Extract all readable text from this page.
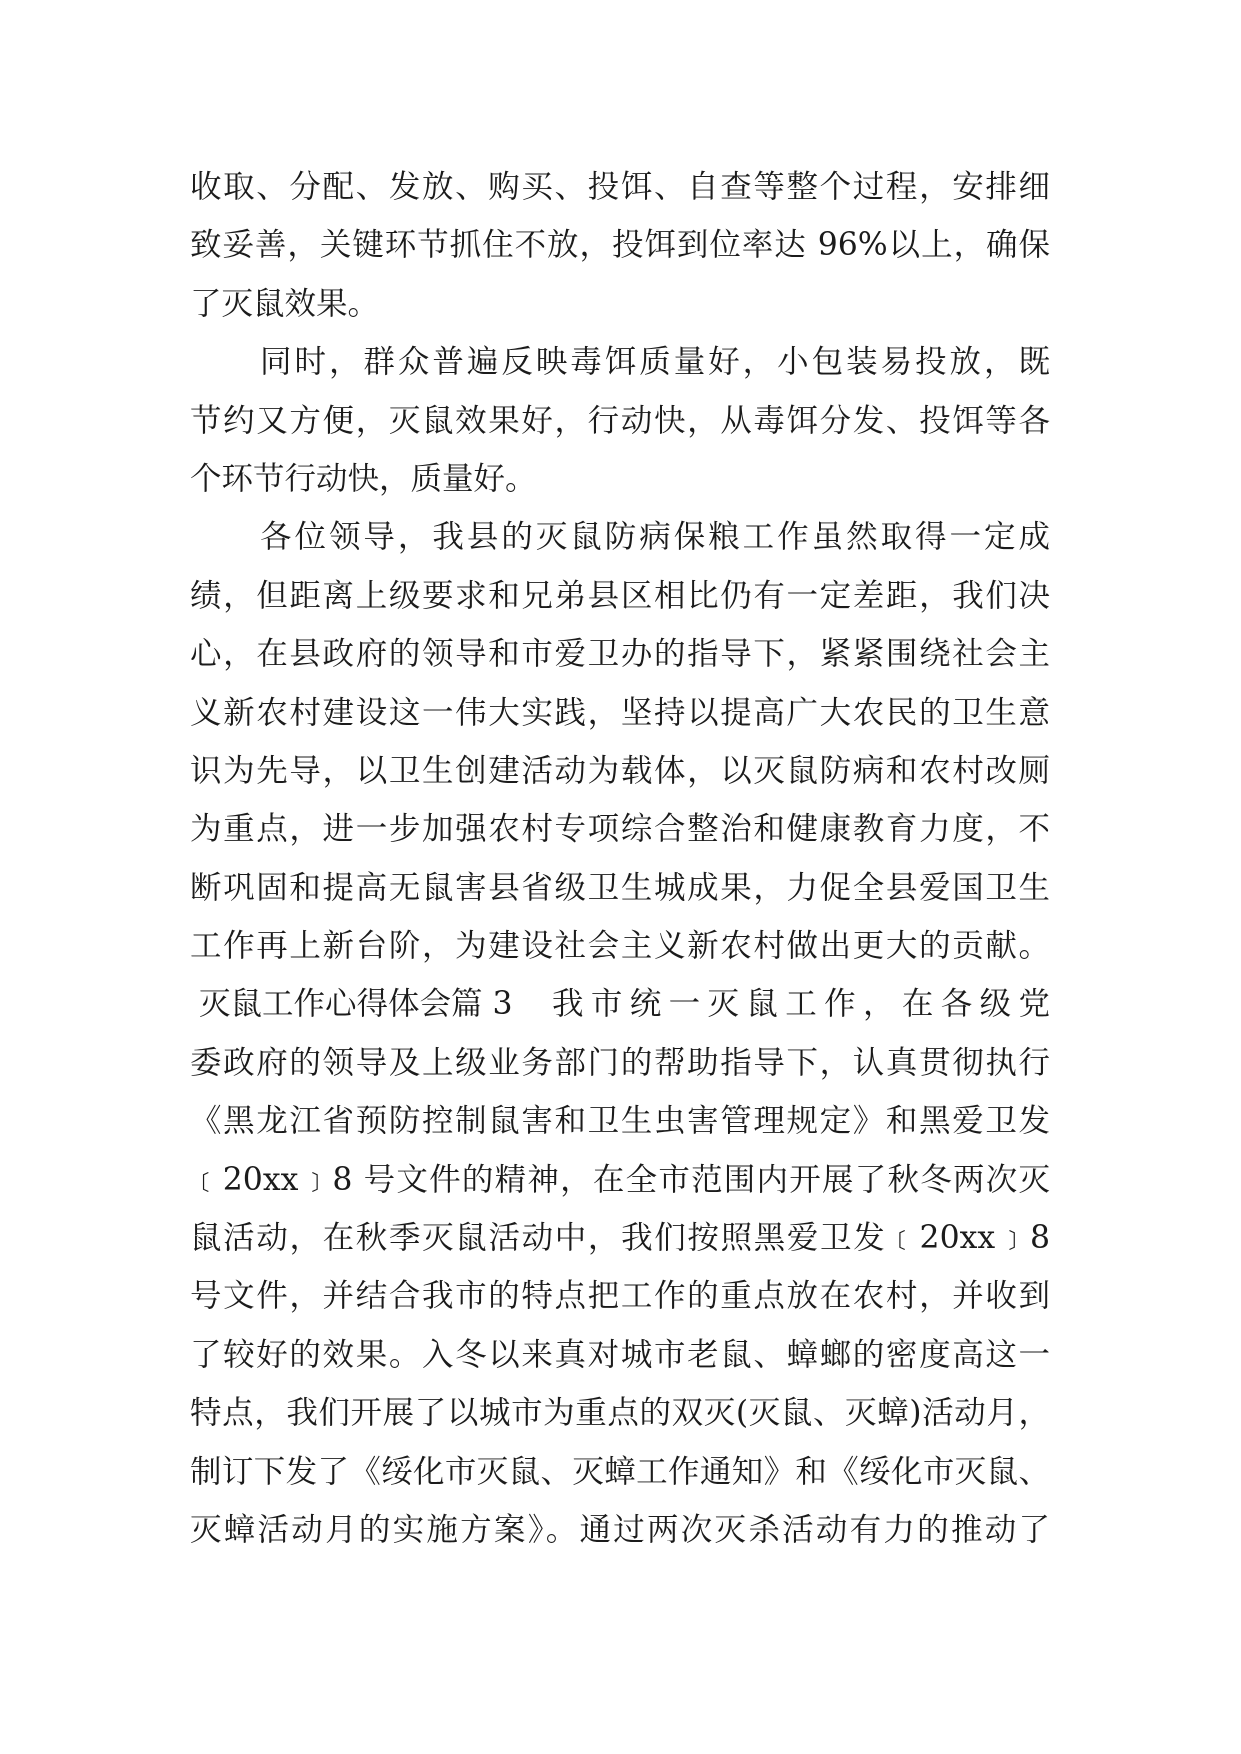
收取、分配、发放、购买、投饵、自查等整个过程，安排细
致妥善，关键环节抓住不放，投饵到位率达 96%以上，确保
了灭鼠效果。
同时，群众普遍反映毒饵质量好，小包装易投放，既
节约又方便，灭鼠效果好，行动快，从毒饵分发、投饵等各
个环节行动快，质量好。
各位领导，我县的灭鼠防病保粮工作虽然取得一定成
绩，但距离上级要求和兄弟县区相比仍有一定差距，我们决
心，在县政府的领导和市爱卫办的指导下，紧紧围绕社会主
义新农村建设这一伟大实践，坚持以提高广大农民的卫生意
识为先导，以卫生创建活动为载体，以灭鼠防病和农村改厕
为重点，进一步加强农村专项综合整治和健康教育力度，不
断巩固和提高无鼠害县省级卫生城成果，力促全县爱国卫生
工作再上新台阶，为建设社会主义新农村做出更大的贡献。
灭鼠工作心得体会篇 3 我市统一灭鼠工作，在各级党
委政府的领导及上级业务部门的帮助指导下，认真贯彻执行
《黑龙江省预防控制鼠害和卫生虫害管理规定》和黑爱卫发
﹝20xx﹞8 号文件的精神，在全市范围内开展了秋冬两次灭
鼠活动，在秋季灭鼠活动中，我们按照黑爱卫发﹝20xx﹞8
号文件，并结合我市的特点把工作的重点放在农村，并收到
了较好的效果。入冬以来真对城市老鼠、蟑螂的密度高这一
特点，我们开展了以城市为重点的双灭(灭鼠、灭蟑)活动月，
制订下发了《绥化市灭鼠、灭蟑工作通知》和《绥化市灭鼠、
灭蟑活动月的实施方案》。通过两次灭杀活动有力的推动了
